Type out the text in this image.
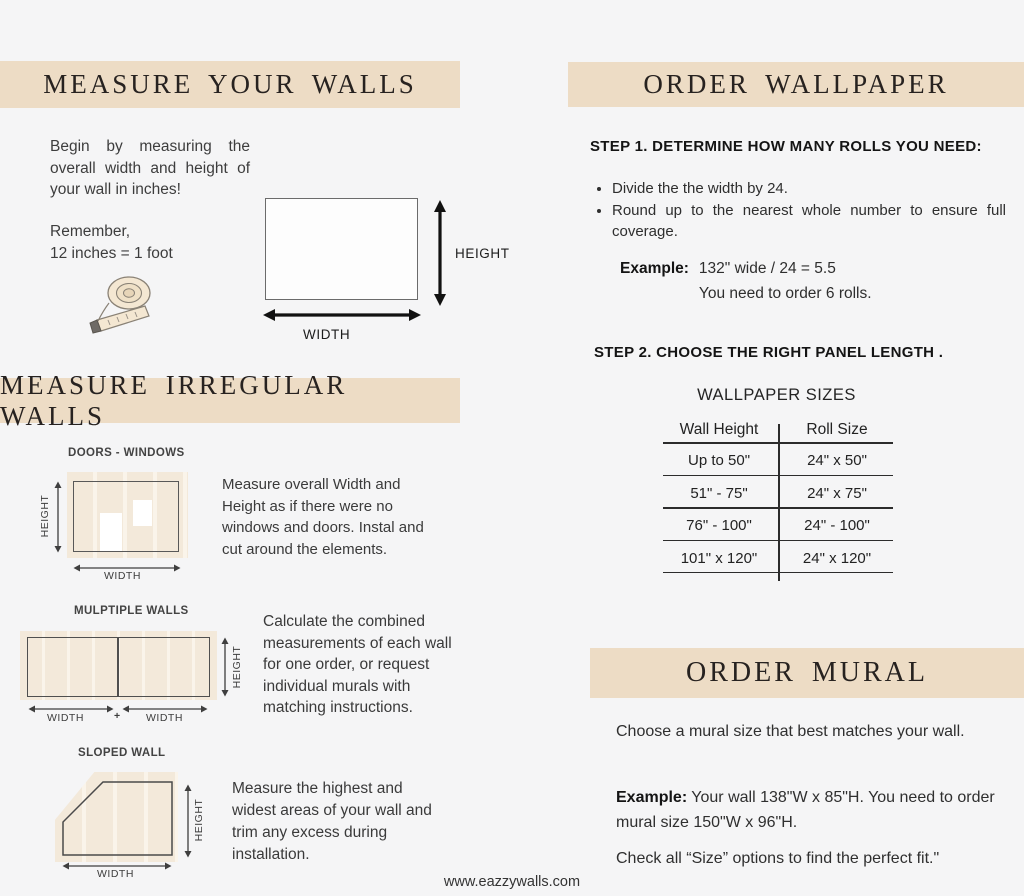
MEASURE YOUR WALLS
Begin by measuring the overall width and height of your wall in inches!
Remember,
12 inches = 1 foot	HEIGHT
WIDTH
MEASURE IRREGULAR WALLS
DOORS - WINDOWS
HEIGHT
WIDTH
Measure overall Width and Height as if there were no windows and doors. Instal and cut around the elements.
MULPTIPLE WALLS
HEIGHT
WIDTH	+ WIDTH
Calculate the combined measurements of each wall for one order, or request individual murals with matching instructions.
SLOPED WALL
HEIGHT
WIDTH
Measure the highest and widest areas of your wall and trim any excess during installation.
ORDER WALLPAPER
STEP 1. DETERMINE HOW MANY ROLLS YOU NEED:
• Divide the the width by 24.
• Round up to the nearest whole number to ensure full coverage.
Example: 132" wide / 24 = 5.5
You need to order 6 rolls.
STEP 2. CHOOSE THE RIGHT PANEL LENGTH .
WALLPAPER SIZES
Wall Height	Roll Size
Up to 50"	24" x 50"
51" - 75"	24" x 75"
76" - 100"	24" - 100"
101" x 120"	24" x 120"
ORDER MURAL
Choose a mural size that best matches your wall.
Example: Your wall 138"W x 85"H. You need to order mural size 150"W x 96"H.
Check all “Size” options to find the perfect fit."
www.eazzywalls.com
